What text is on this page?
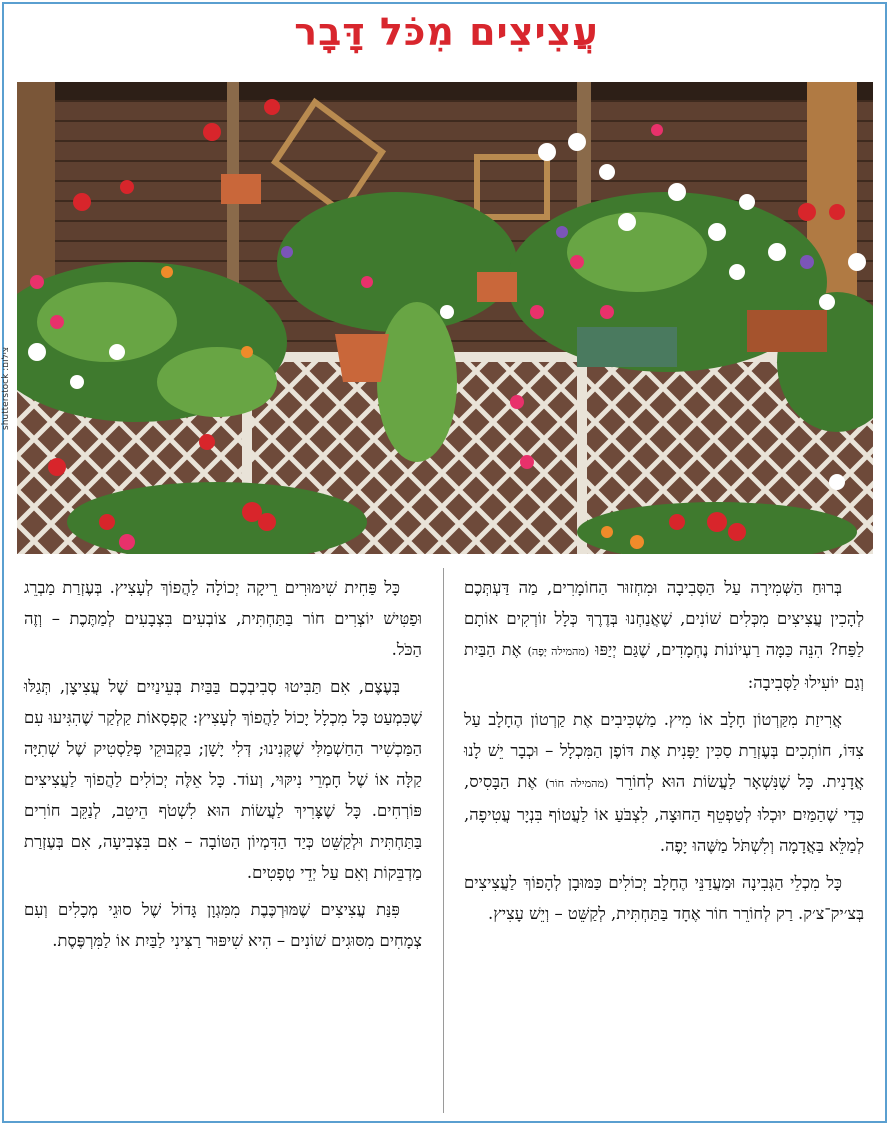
עֲצִיצִים מִכֹּל דָּבָר
צילום: shutterstock

בְּרוּחַ הַשְּׁמִירָה עַל הַסְּבִיבָה וּמִחְזוּר הַחוֹמָרִים, מַה דַּעְתְּכֶם לְהָכִין עֲצִיצִים מִכְּלִים שׁוֹנִים, שֶׁאֲנַחְנוּ בְּדֶרֶךְ כְּלָל זוֹרְקִים אוֹתָם לַפַּח? הִנֵּה כַּמָּה רַעְיוֹנוֹת נֶחְמָדִים, שֶׁגַּם יְיַפּוּ (מהמילה יָפֶה) אֶת הַבַּיִת וְגַם יוֹעִילוּ לַסְּבִיבָה:

אֲרִיזַת מִקַּרְטוֹן חָלָב אוֹ מִיץ. מַשְׁכִּיבִים אֶת קַרְטוֹן הֶחָלָב עַל צִדּוֹ, חוֹתְכִים בְּעֶזְרַת סַכִּין יַפָּנִית אֶת דּוֹפֶן הַמִּכְלָל – וּכְבָר יֵשׁ לָנוּ אֲדָנִית. כָּל שֶׁנִּשְׁאָר לַעֲשׂוֹת הוּא לְחוֹרֵר (מהמילה חוֹר) אֶת הַבָּסִיס, כְּדֵי שֶׁהַמַּיִם יוּכְלוּ לְטַפְטֵף הַחוּצָה, לִצְבֹּעַ אוֹ לַעֲטוֹף בִּנְיָר עֲטִיפָה, לְמַלֵּא בַּאֲדָמָה וְלִשְׁתֹּל מַשֶּׁהוּ יָפֶה.

כָּל מִכְלֵי הַגְּבִינָה וּמַעֲדַנֵּי הֶחָלָב יְכוֹלִים כַּמּוּבָן לְהָפוֹךְ לַעֲצִיצִים בְּצ׳יק־צ׳ק. רַק לְחוֹרֵר חוֹר אֶחָד בַּתַּחְתִּית, לְקַשֵּׁט – וְיֵשׁ עָצִיץ.

כָּל פַּחִית שִׁימּוּרִים רֵיקָה יְכוֹלָה לַהֲפוֹךְ לְעָצִיץ. בְּעֶזְרַת מַבְרֵג וּפַטִּישׁ יוֹצְרִים חוֹר בַּתַּחְתִּית, צוֹבְעִים בִּצְבָעִים לְמַתֶּכֶת – וְזֶה הַכֹּל.

בְּעֶצֶם, אִם תַּבִּיטוּ סְבִיבְכֶם בַּבַּיִת בְּעֵינַיִים שֶׁל עֲצִיצָן, תְּגַלּוּ שֶׁכִּמְעַט כָּל מִכְלָל יָכוֹל לַהֲפוֹךְ לְעָצִיץ: קֻפְסָאוֹת קַלְקַר שֶׁהִגִּיעוּ עִם הַמַּכְשִׁיר הַחַשְׁמַלִּי שֶׁקְּנִינוּ; דְּלִי יָשָׁן; בַּקְבּוּקֵי פְּלַסְטִיק שֶׁל שְׁתִיָּה קַלָּה אוֹ שֶׁל חָמְרֵי נִיקּוּי, וְעוֹד. כָּל אֵלֶּה יְכוֹלִים לַהֲפוֹךְ לַעֲצִיצִים פּוֹרְחִים. כָּל שֶׁצָּרִיךְ לַעֲשׂוֹת הוּא לִשְׁטֹף הֵיטֵב, לְנַקֵּב חוֹרִים בַּתַּחְתִּית וּלְקַשֵּׁט כְּיַד הַדִּמְיוֹן הַטּוֹבָה – אִם בִּצְבִיעָה, אִם בְּעֶזְרַת מַדְבֵּקוֹת וְאִם עַל יְדֵי טְפָטִים.

פִּנַּת עֲצִיצִים שֶׁמּוּרְכֶּבֶת מִמִּגְוָן גָּדוֹל שֶׁל סוּגֵי מְכָלִים וְעִם צְמָחִים מִסּוּגִים שׁוֹנִים – הִיא שִׁיפּוּר רַצִּינִי לַבַּיִת אוֹ לַמִּרְפֶּסֶת.
